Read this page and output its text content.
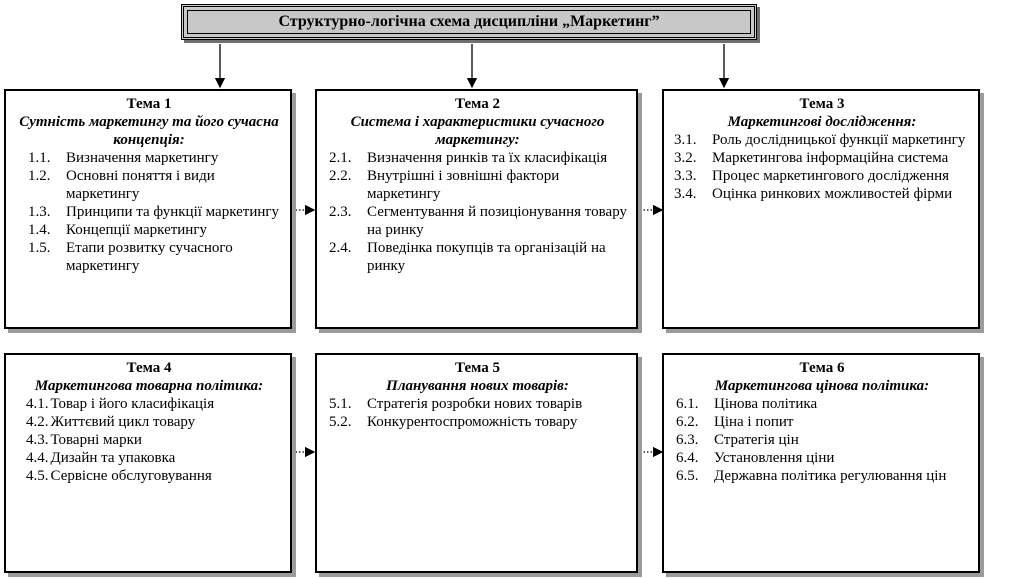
Структурно-логічна схема дисципліни „Маркетинг”
Тема 1
Сутність маркетингу та його сучасна концепція:
1.1.	Визначення маркетингу
1.2.	Основні поняття і види маркетингу
1.3.	Принципи та функції маркетингу
1.4.	Концепції маркетингу
1.5.	Етапи розвитку сучасного маркетингу
Тема 2
Система і характеристики сучасного маркетингу:
2.1.	Визначення ринків та їх класифікація
2.2.	Внутрішні і зовнішні фактори маркетингу
2.3.	Сегментування й позиціонування товару на ринку
2.4.	Поведінка покупців та організацій на ринку
Тема 3
Маркетингові дослідження:
3.1.	Роль дослідницької функції маркетингу
3.2.	Маркетингова інформаційна система
3.3.	Процес маркетингового дослідження
3.4.	Оцінка ринкових можливостей фірми
Тема 4
Маркетингова товарна політика:
4.1. Товар і його класифікація
4.2. Життєвий цикл товару
4.3. Товарні марки
4.4. Дизайн та упаковка
4.5. Сервісне обслуговування
Тема 5
Планування нових товарів:
5.1.	Стратегія розробки нових товарів
5.2.	Конкурентоспроможність товару
Тема 6
Маркетингова цінова політика:
6.1.	Цінова політика
6.2.	Ціна і попит
6.3.	Стратегія цін
6.4.	Установлення ціни
6.5.	Державна політика регулювання цін
